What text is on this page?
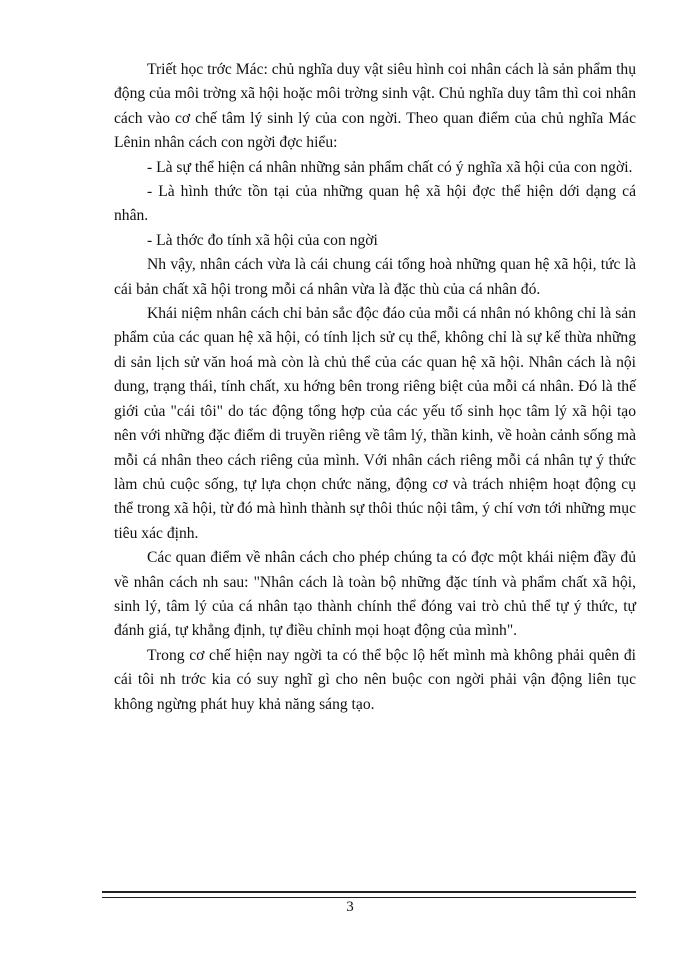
Triết học trớc Mác: chủ nghĩa duy vật siêu hình coi nhân cách là sản phẩm thụ động của môi trờng xã hội hoặc môi trờng sinh vật. Chủ nghĩa duy tâm thì coi nhân cách vào cơ chế tâm lý sinh lý của con ngời. Theo quan điểm của chủ nghĩa Mác Lênin nhân cách con ngời đợc hiểu:

- Là sự thể hiện cá nhân những sản phẩm chất có ý nghĩa xã hội của con ngời.

- Là hình thức tồn tại của những quan hệ xã hội đợc thể hiện dới dạng cá nhân.

- Là thớc đo tính xã hội của con ngời

Nh vậy, nhân cách vừa là cái chung cái tổng hoà những quan hệ xã hội, tức là cái bản chất xã hội trong mỗi cá nhân vừa là đặc thù của cá nhân đó.

Khái niệm nhân cách chỉ bản sắc độc đáo của mỗi cá nhân nó không chỉ là sản phẩm của các quan hệ xã hội, có tính lịch sử cụ thể, không chỉ là sự kế thừa những di sản lịch sử văn hoá mà còn là chủ thể của các quan hệ xã hội. Nhân cách là nội dung, trạng thái, tính chất, xu hớng bên trong riêng biệt của mỗi cá nhân. Đó là thế giới của "cái tôi" do tác động tổng hợp của các yếu tố sinh học tâm lý xã hội tạo nên với những đặc điểm di truyền riêng về tâm lý, thần kinh, về hoàn cảnh sống mà mỗi cá nhân theo cách riêng của mình. Với nhân cách riêng mỗi cá nhân tự ý thức làm chủ cuộc sống, tự lựa chọn chức năng, động cơ và trách nhiệm hoạt động cụ thể trong xã hội, từ đó mà hình thành sự thôi thúc nội tâm, ý chí vơn tới những mục tiêu xác định.

Các quan điểm về nhân cách cho phép chúng ta có đợc một khái niệm đầy đủ về nhân cách nh sau: "Nhân cách là toàn bộ những đặc tính và phẩm chất xã hội, sinh lý, tâm lý của cá nhân tạo thành chính thể đóng vai trò chủ thể tự ý thức, tự đánh giá, tự khẳng định, tự điều chỉnh mọi hoạt động của mình".

Trong cơ chế hiện nay ngời ta có thể bộc lộ hết mình mà không phải quên đi cái tôi nh trớc kia có suy nghĩ gì cho nên buộc con ngời phải vận động liên tục không ngừng phát huy khả năng sáng tạo.

3
